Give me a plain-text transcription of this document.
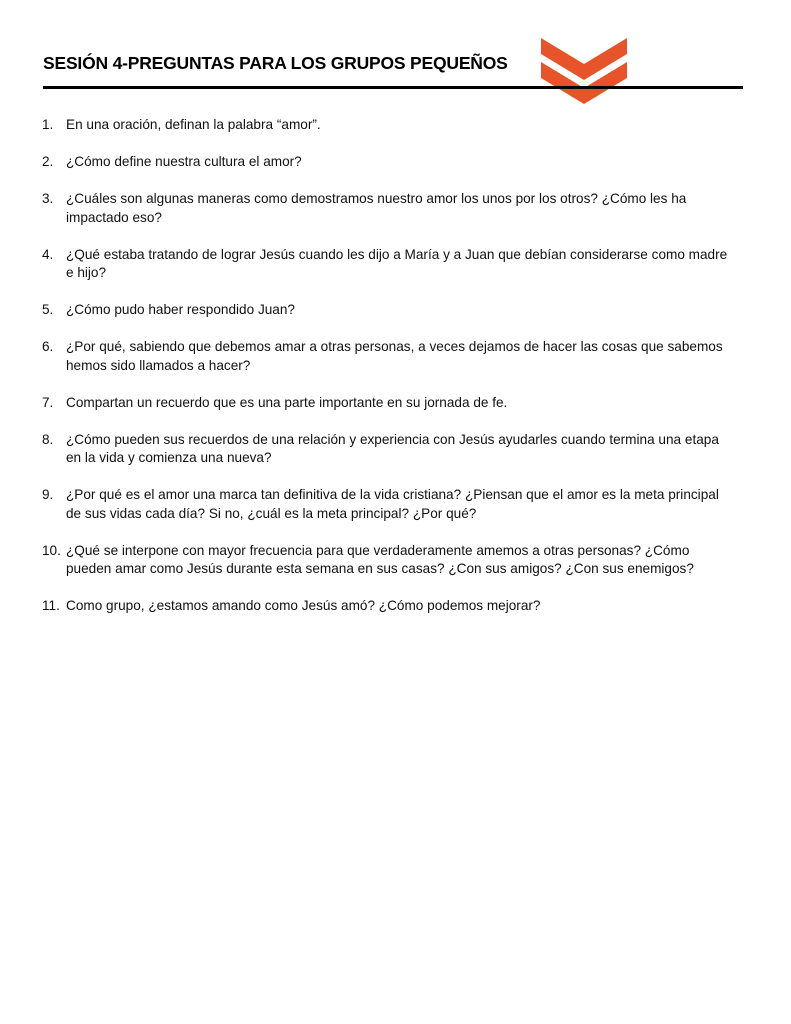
SESIÓN 4-PREGUNTAS PARA LOS GRUPOS PEQUEÑOS
1. En una oración, definan la palabra “amor”.
2. ¿Cómo define nuestra cultura el amor?
3. ¿Cuáles son algunas maneras como demostramos nuestro amor los unos por los otros? ¿Cómo les ha impactado eso?
4. ¿Qué estaba tratando de lograr Jesús cuando les dijo a María y a Juan que debían considerarse como madre e hijo?
5. ¿Cómo pudo haber respondido Juan?
6. ¿Por qué, sabiendo que debemos amar a otras personas, a veces dejamos de hacer las cosas que sabemos hemos sido llamados a hacer?
7. Compartan un recuerdo que es una parte importante en su jornada de fe.
8. ¿Cómo pueden sus recuerdos de una relación y experiencia con Jesús ayudarles cuando termina una etapa en la vida y comienza una nueva?
9. ¿Por qué es el amor una marca tan definitiva de la vida cristiana? ¿Piensan que el amor es la meta principal de sus vidas cada día? Si no, ¿cuál es la meta principal? ¿Por qué?
10. ¿Qué se interpone con mayor frecuencia para que verdaderamente amemos a otras personas? ¿Cómo pueden amar como Jesús durante esta semana en sus casas? ¿Con sus amigos? ¿Con sus enemigos?
11. Como grupo, ¿estamos amando como Jesús amó? ¿Cómo podemos mejorar?
